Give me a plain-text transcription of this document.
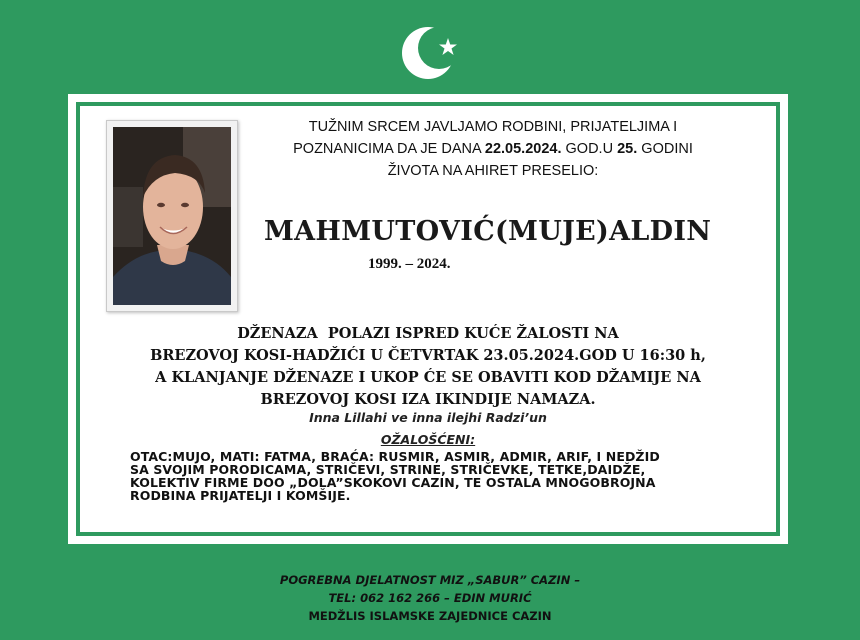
TUŽNIM SRCEM JAVLJAMO RODBINI, PRIJATELJIMA I
POZNANICIMA DA JE DANA 22.05.2024. GOD.U 25. GODINI
ŽIVOTA NA AHIRET PRESELIO:
MAHMUTOVIĆ(MUJE)ALDIN
1999. – 2024.
DŽENAZA  POLAZI ISPRED KUĆE ŽALOSTI NA
BREZOVOJ KOSI-HADŽIĆI U ČETVRTAK 23.05.2024.GOD U 16:30 h,
A KLANJANJE DŽENAZE I UKOP ĆE SE OBAVITI KOD DŽAMIJE NA
BREZOVOJ KOSI IZA IKINDIJE NAMAZA.
Inna Lillahi ve inna ilejhi Radzi’un
OŽALOŠĆENI:
OTAC:MUJO, MATI: FATMA, BRAĆA: RUSMIR, ASMIR, ADMIR, ARIF, I NEDŽID
SA SVOJIM PORODICAMA, STRIČEVI, STRINE, STRIČEVKE, TETKE,DAIDŽE,
KOLEKTIV FIRME DOO „DOLA”SKOKOVI CAZIN, TE OSTALA MNOGOBROJNA
RODBINA PRIJATELJI I KOMŠIJE.
POGREBNA DJELATNOST MIZ „SABUR” CAZIN –
TEL: 062 162 266 – EDIN MURIĆ
MEDŽLIS ISLAMSKE ZAJEDNICE CAZIN
